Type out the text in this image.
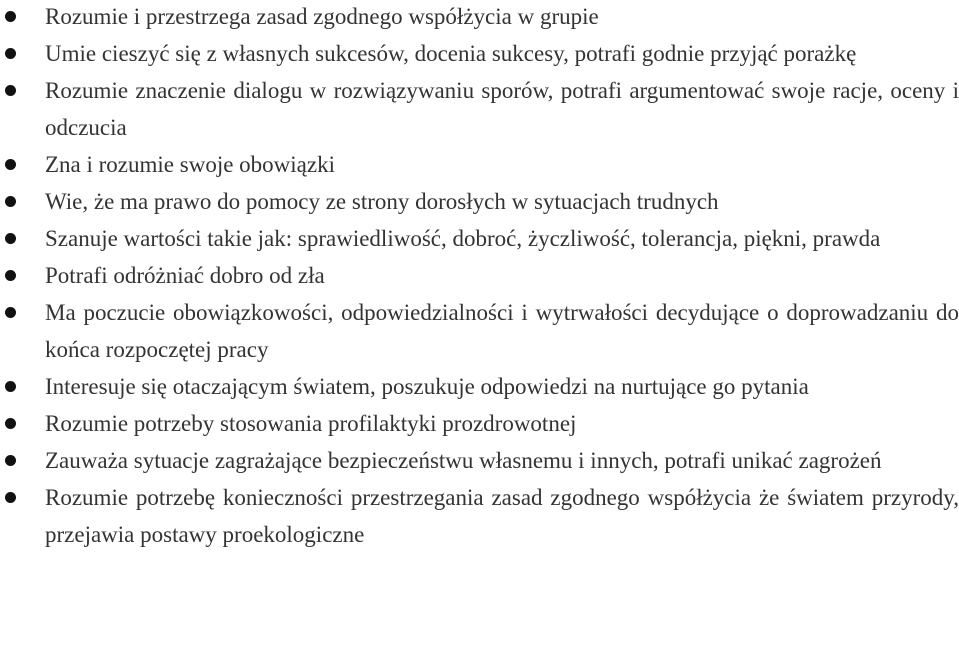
Rozumie i przestrzega zasad zgodnego współżycia w grupie
Umie cieszyć się z własnych sukcesów, docenia sukcesy, potrafi godnie przyjąć porażkę
Rozumie znaczenie dialogu w rozwiązywaniu sporów, potrafi argumentować swoje racje, oceny i odczucia
Zna i rozumie swoje obowiązki
Wie, że ma prawo do pomocy ze strony dorosłych w sytuacjach trudnych
Szanuje wartości takie jak: sprawiedliwość, dobroć, życzliwość, tolerancja, piękni, prawda
Potrafi odróżniać dobro od zła
Ma poczucie obowiązkowości, odpowiedzialności i wytrwałości decydujące o doprowadzaniu do końca rozpoczętej pracy
Interesuje się otaczającym światem, poszukuje odpowiedzi na nurtujące go pytania
Rozumie potrzeby stosowania profilaktyki prozdrowotnej
Zauważa sytuacje zagrażające bezpieczeństwu własnemu i innych, potrafi unikać zagrożeń
Rozumie potrzebę konieczności przestrzegania zasad zgodnego współżycia że światem przyrody, przejawia postawy proekologiczne
